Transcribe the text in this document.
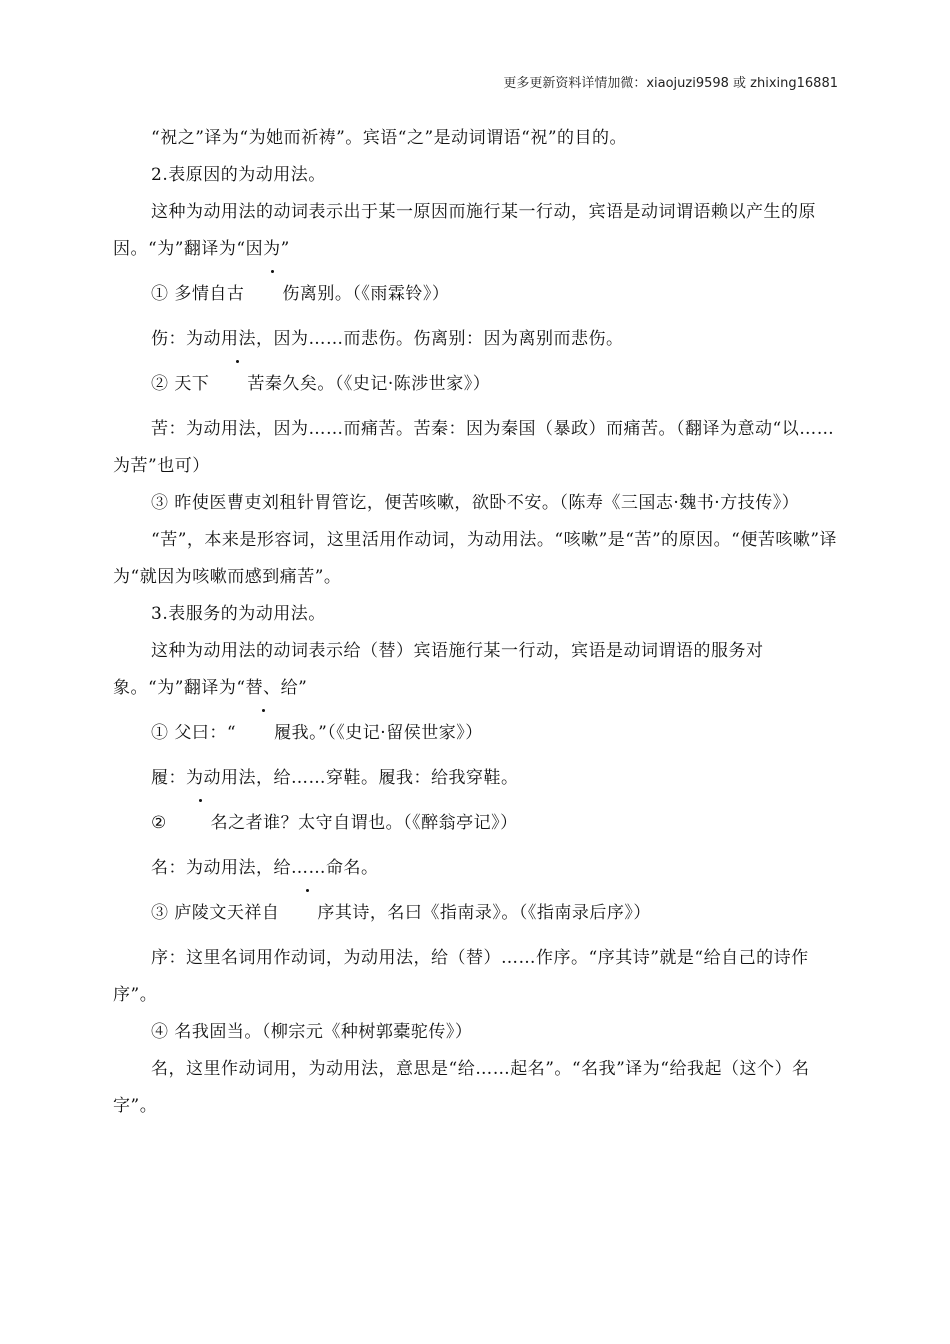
更多更新资料详情加微：xiaojuzi9598 或 zhixing16881

“祝之”译为“为她而祈祷”。宾语“之”是动词谓语“祝”的目的。

2.表原因的为动用法。

这种为动用法的动词表示出于某一原因而施行某一行动，宾语是动词谓语赖以产生的原因。“为”翻译为“因为”

① 多情自古 伤离别。（《雨霖铃》）

伤：为动用法，因为……而悲伤。伤离别：因为离别而悲伤。

② 天下 苦秦久矣。（《史记·陈涉世家》）

苦：为动用法，因为……而痛苦。苦秦：因为秦国（暴政）而痛苦。（翻译为意动“以……为苦”也可）

③ 昨使医曹吏刘租针胃管讫，便苦咳嗽，欲卧不安。（陈寿《三国志·魏书·方技传》）

“苦”，本来是形容词，这里活用作动词，为动用法。“咳嗽”是“苦”的原因。“便苦咳嗽”译为“就因为咳嗽而感到痛苦”。

3.表服务的为动用法。

这种为动用法的动词表示给（替）宾语施行某一行动，宾语是动词谓语的服务对象。“为”翻译为“替、给”

① 父曰：“ 履我。”（《史记·留侯世家》）

履：为动用法，给……穿鞋。履我：给我穿鞋。

② 名之者谁？太守自谓也。（《醉翁亭记》）

名：为动用法，给……命名。

③ 庐陵文天祥自 序其诗，名曰《指南录》。（《指南录后序》）

序：这里名词用作动词，为动用法，给（替）……作序。“序其诗”就是“给自己的诗作序”。

④ 名我固当。（柳宗元《种树郭橐驼传》）

名，这里作动词用，为动用法，意思是“给……起名”。“名我”译为“给我起（这个）名字”。
